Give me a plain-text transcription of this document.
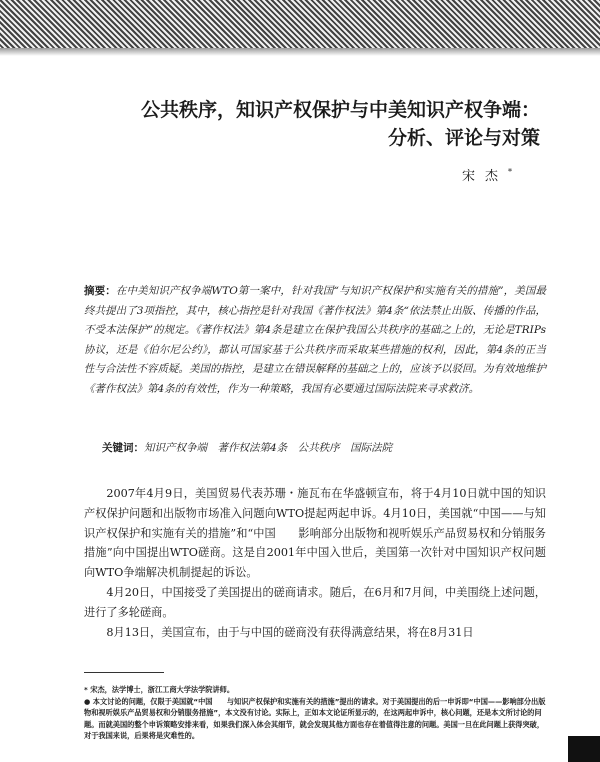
公共秩序，知识产权保护与中美知识产权争端：
分析、评论与对策
宋杰*
摘要：在中美知识产权争端WTO第一案中，针对我国“与知识产权保护和实施有关的措施”，美国最终共提出了3项指控，其中，核心指控是针对我国《著作权法》第4条“依法禁止出版、传播的作品，不受本法保护”的规定。《著作权法》第4条是建立在保护我国公共秩序的基础之上的，无论是TRIPs协议，还是《伯尔尼公约》，都认可国家基于公共秩序而采取某些措施的权利，因此，第4条的正当性与合法性不容质疑。美国的指控，是建立在错误解释的基础之上的，应该予以驳回。为有效地维护《著作权法》第4条的有效性，作为一种策略，我国有必要通过国际法院来寻求救济。
关键词：知识产权争端　著作权法第4条　公共秩序　国际法院

2007年4月9日，美国贸易代表苏珊・施瓦布在华盛顿宣布，将于4月10日就中国的知识产权保护问题和出版物市场准入问题向WTO提起两起申诉。4月10日，美国就“中国——与知识产权保护和实施有关的措施”和“中国　　影响部分出版物和视听娱乐产品贸易权和分销服务措施”向中国提出WTO磋商。这是自2001年中国入世后，美国第一次针对中国知识产权问题向WTO争端解决机制提起的诉讼。

4月20日，中国接受了美国提出的磋商请求。随后，在6月和7月间，中美围绕上述问题，进行了多轮磋商。

8月13日，美国宣布，由于与中国的磋商没有获得满意结果，将在8月31日

* 宋杰，法学博士，浙江工商大学法学院讲师。

● 本文讨论的问题，仅限于美国就“中国　　与知识产权保护和实施有关的措施”提出的请求。对于美国提出的后一申诉即“中国——影响部分出版物和视听娱乐产品贸易权和分销服务措施”，本文没有讨论。实际上，正如本文论证所显示的，在这两起申诉中，核心问题，还是本文所讨论的问题。而就美国的整个申诉策略安排来看，如果我们深入体会其细节，就会发现其他方面也存在着值得注意的问题。美国一旦在此问题上获得突破，对于我国来说，后果将是灾难性的。
